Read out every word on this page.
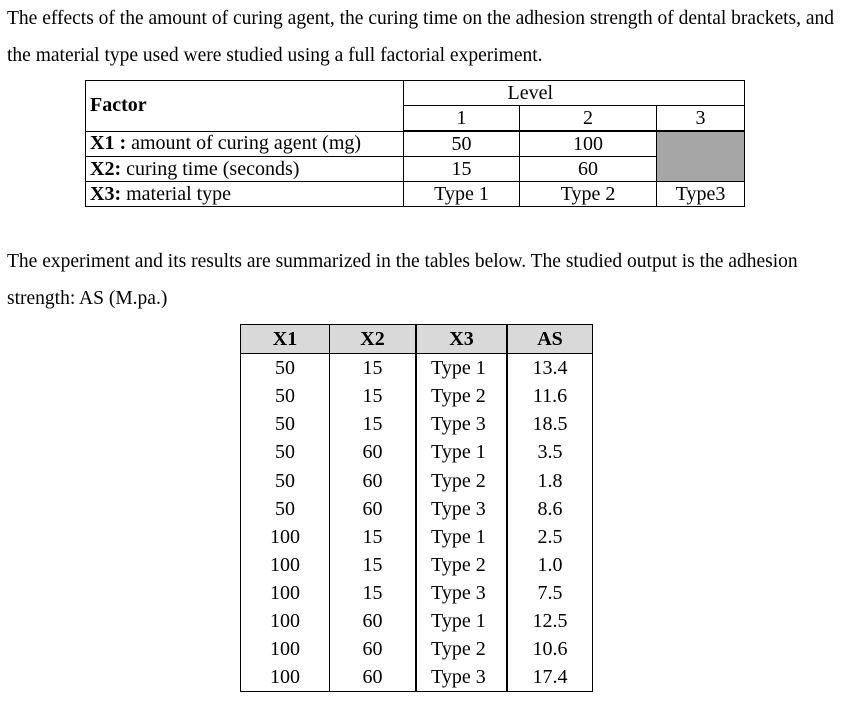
The effects of the amount of curing agent, the curing time on the adhesion strength of dental brackets, and the material type used were studied using a full factorial experiment.

Factor	Level		
	1	2	3
X1 : amount of curing agent (mg)	50	100	
X2: curing time (seconds)	15	60	
X3: material type	Type 1	Type 2	Type3

The experiment and its results are summarized in the tables below. The studied output is the adhesion strength: AS (M.pa.)

X1	X2	X3	AS
50	15	Type 1	13.4
50	15	Type 2	11.6
50	15	Type 3	18.5
50	60	Type 1	3.5
50	60	Type 2	1.8
50	60	Type 3	8.6
100	15	Type 1	2.5
100	15	Type 2	1.0
100	15	Type 3	7.5
100	60	Type 1	12.5
100	60	Type 2	10.6
100	60	Type 3	17.4
